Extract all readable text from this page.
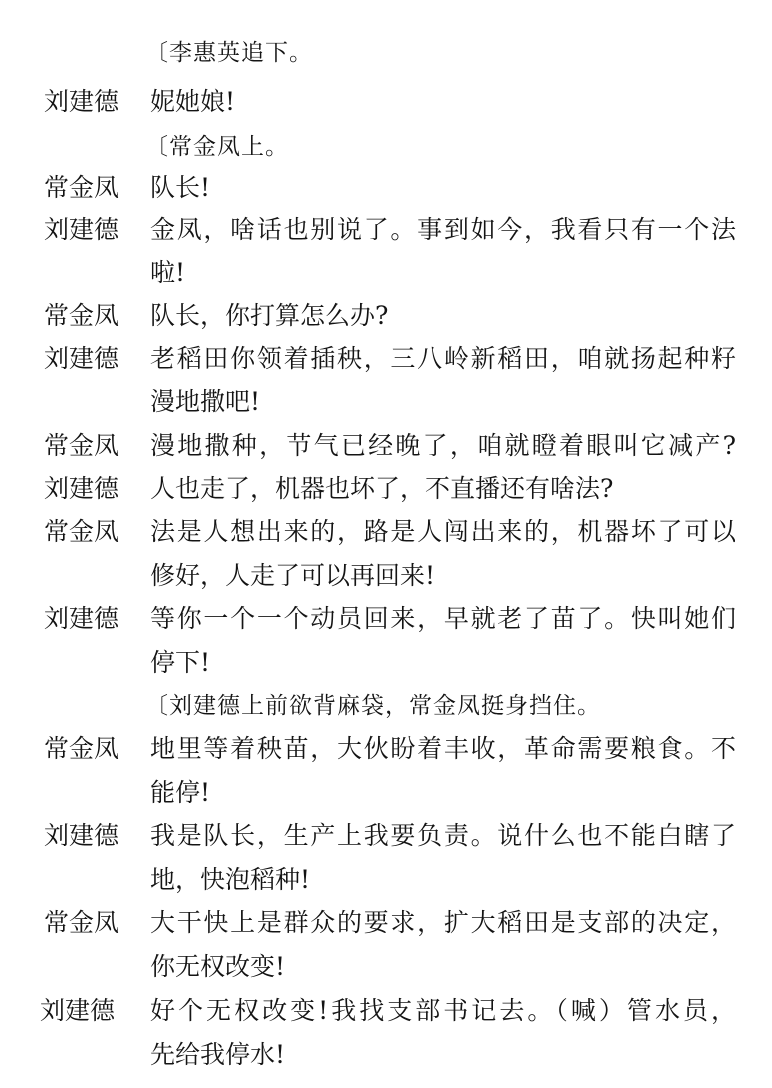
〔李惠英追下。
刘建德 妮她娘!
〔常金凤上。
常金凤 队长!
刘建德 金凤，啥话也别说了。事到如今，我看只有一个法
啦!
常金凤 队长，你打算怎么办?
刘建德 老稻田你领着插秧，三八岭新稻田，咱就扬起种籽
漫地撒吧!
常金凤 漫地撒种，节气已经晚了，咱就瞪着眼叫它减产?
刘建德 人也走了，机器也坏了，不直播还有啥法?
常金凤 法是人想出来的，路是人闯出来的，机器坏了可以
修好，人走了可以再回来!
刘建德 等你一个一个动员回来，早就老了苗了。快叫她们
停下!
〔刘建德上前欲背麻袋，常金凤挺身挡住。
常金凤 地里等着秧苗，大伙盼着丰收，革命需要粮食。不
能停!
刘建德 我是队长，生产上我要负责。说什么也不能白瞎了
地，快泡稻种!
常金凤 大干快上是群众的要求，扩大稻田是支部的决定，
你无权改变!
刘建德 好个无权改变!我找支部书记去。（喊）管水员，
先给我停水!
